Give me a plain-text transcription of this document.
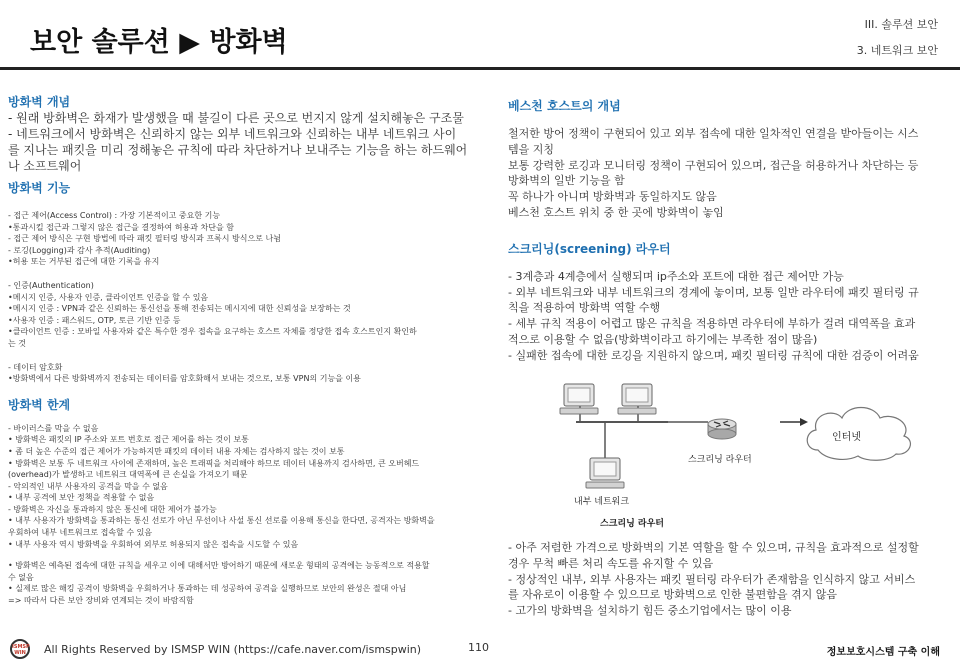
보안 솔루션 ▶ 방화벽
III. 솔루션 보안
3. 네트워크 보안
방화벽 개념
- 원래 방화벽은 화재가 발생했을 때 불길이 다른 곳으로 번지지 않게 설치해놓은 구조물
- 네트워크에서 방화벽은 신뢰하지 않는 외부 네트워크와 신뢰하는 내부 네트워크 사이
를 지나는 패킷을 미리 정해놓은 규칙에 따라 차단하거나 보내주는 기능을 하는 하드웨어
나 소프트웨어
방화벽 기능
- 접근 제어(Access Control) : 가장 기본적이고 중요한 기능
•통과시킬 접근과 그렇지 않은 접근을 결정하여 허용과 차단을 함
- 접근 제어 방식은 구현 방법에 따라 패킷 필터링 방식과 프록시 방식으로 나뉨
- 로깅(Logging)과 감사 추적(Auditing)
•허용 또는 거부된 접근에 대한 기록을 유지
- 인증(Authentication)
•메시지 인증, 사용자 인증, 클라이언트 인증을 할 수 있음
•메시지 인증 : VPN과 같은 신뢰하는 통신선을 통해 전송되는 메시지에 대한 신뢰성을 보장하는 것
•사용자 인증 : 패스워드, OTP, 토큰 기반 인증 등
•클라이언트 인증 : 모바일 사용자와 같은 특수한 경우 접속을 요구하는 호스트 자체를 정당한 접속 호스트인지 확인하
는 것
- 데이터 암호화
•방화벽에서 다른 방화벽까지 전송되는 데이터를 암호화해서 보내는 것으로, 보통 VPN의 기능을 이용
방화벽 한계
- 바이러스를 막을 수 없음
• 방화벽은 패킷의 IP 주소와 포트 번호로 접근 제어를 하는 것이 보통
• 좀 더 높은 수준의 접근 제어가 가능하지만 패킷의 데이터 내용 자체는 검사하지 않는 것이 보통
• 방화벽은 보통 두 네트워크 사이에 존재하며, 높은 트래픽을 처리해야 하므로 데이터 내용까지 검사하면, 큰 오버헤드
(overhead)가 발생하고 네트워크 대역폭에 큰 손실을 가져오기 때문
- 악의적인 내부 사용자의 공격을 막을 수 없음
• 내부 공격에 보안 정책을 적용할 수 없음
- 방화벽은 자신을 통과하지 않은 통신에 대한 제어가 불가능
• 내부 사용자가 방화벽을 통과하는 통신 선로가 아닌 무선이나 사설 통신 선로를 이용해 통신을 한다면, 공격자는 방화벽을
우회하여 내부 네트워크로 접속할 수 있음
• 내부 사용자 역시 방화벽을 우회하여 외부로 허용되지 않은 접속을 시도할 수 있음
• 방화벽은 예측된 접속에 대한 규칙을 세우고 이에 대해서만 방어하기 때문에 새로운 형태의 공격에는 능동적으로 적용할
수 없음
• 실제로 많은 해킹 공격이 방화벽을 우회하거나 통과하는 데 성공하여 공격을 실행하므로 보안의 완성은 절대 아님
=> 따라서 다른 보안 장비와 연계되는 것이 바람직함
베스천 호스트의 개념
철저한 방어 정책이 구현되어 있고 외부 접속에 대한 일차적인 연결을 받아들이는 시스
템을 지칭
보통 강력한 로깅과 모니터링 정책이 구현되어 있으며, 접근을 허용하거나 차단하는 등
방화벽의 일반 기능을 함
꼭 하나가 아니며 방화벽과 동일하지도 않음
베스천 호스트 위치 중 한 곳에 방화벽이 놓임
스크리닝(screening) 라우터
- 3계층과 4계층에서 실행되며 ip주소와 포트에 대한 접근 제어만 가능
- 외부 네트워크와 내부 네트워크의 경계에 놓이며, 보통 일반 라우터에 패킷 필터링 규
칙을 적용하여 방화벽 역할 수행
- 세부 규칙 적용이 어렵고 많은 규칙을 적용하면 라우터에 부하가 걸려 대역폭을 효과
적으로 이용할 수 없음(방화벽이라고 하기에는 부족한 점이 많음)
- 실패한 접속에 대한 로깅을 지원하지 않으며, 패킷 필터링 규칙에 대한 검증이 어려움
인터넷
스크리닝 라우터
내부 네트워크
스크리닝 라우터
- 아주 저렴한 가격으로 방화벽의 기본 역할을 할 수 있으며, 규칙을 효과적으로 설정할
경우 무척 빠른 처리 속도를 유지할 수 있음
- 정상적인 내부, 외부 사용자는 패킷 필터링 라우터가 존재함을 인식하지 않고 서비스
를 자유로이 이용할 수 있으므로 방화벽으로 인한 불편함을 겪지 않음
- 고가의 방화벽을 설치하기 힘든 중소기업에서는 많이 이용
ISMSP WIN	All Rights Reserved by ISMSP WIN (https://cafe.naver.com/ismspwin)	110	정보보호시스템 구축 이해
